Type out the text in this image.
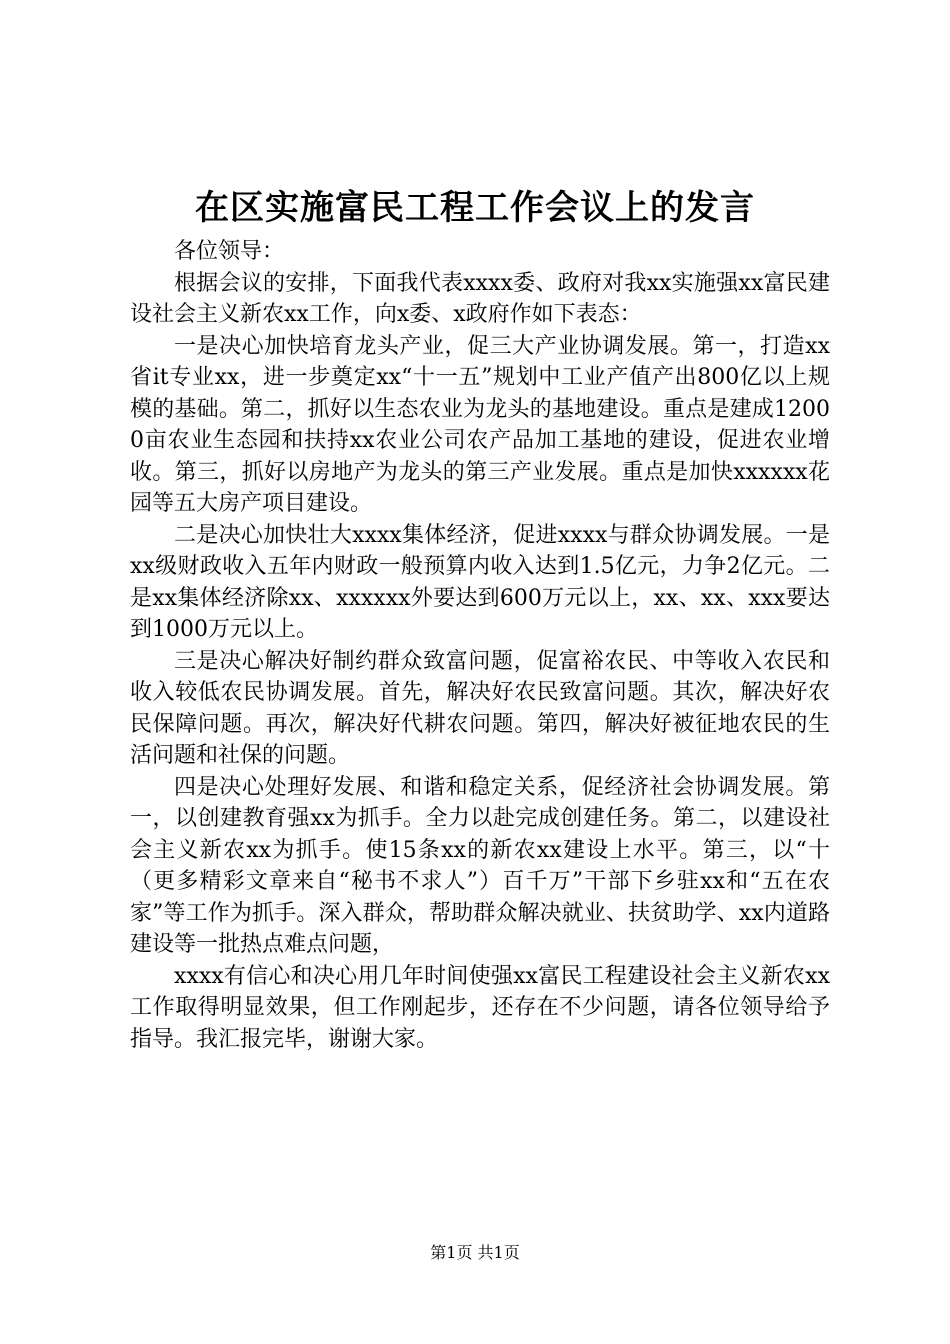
在区实施富民工程工作会议上的发言

各位领导：

根据会议的安排，下面我代表xxxx委、政府对我xx实施强xx富民建设社会主义新农xx工作，向x委、x政府作如下表态：

一是决心加快培育龙头产业，促三大产业协调发展。第一，打造xx省it专业xx，进一步奠定xx“十一五”规划中工业产值产出800亿以上规模的基础。第二，抓好以生态农业为龙头的基地建设。重点是建成12000亩农业生态园和扶持xx农业公司农产品加工基地的建设，促进农业增收。第三，抓好以房地产为龙头的第三产业发展。重点是加快xxxxxx花园等五大房产项目建设。

二是决心加快壮大xxxx集体经济，促进xxxx与群众协调发展。一是xx级财政收入五年内财政一般预算内收入达到1.5亿元，力争2亿元。二是xx集体经济除xx、xxxxxx外要达到600万元以上，xx、xx、xxx要达到1000万元以上。

三是决心解决好制约群众致富问题，促富裕农民、中等收入农民和收入较低农民协调发展。首先，解决好农民致富问题。其次，解决好农民保障问题。再次，解决好代耕农问题。第四，解决好被征地农民的生活问题和社保的问题。

四是决心处理好发展、和谐和稳定关系，促经济社会协调发展。第一，以创建教育强xx为抓手。全力以赴完成创建任务。第二，以建设社会主义新农xx为抓手。使15条xx的新农xx建设上水平。第三，以“十（更多精彩文章来自“秘书不求人”）百千万”干部下乡驻xx和“五在农家”等工作为抓手。深入群众，帮助群众解决就业、扶贫助学、xx内道路建设等一批热点难点问题，

xxxx有信心和决心用几年时间使强xx富民工程建设社会主义新农xx工作取得明显效果，但工作刚起步，还存在不少问题，请各位领导给予指导。我汇报完毕，谢谢大家。

第1页 共1页
